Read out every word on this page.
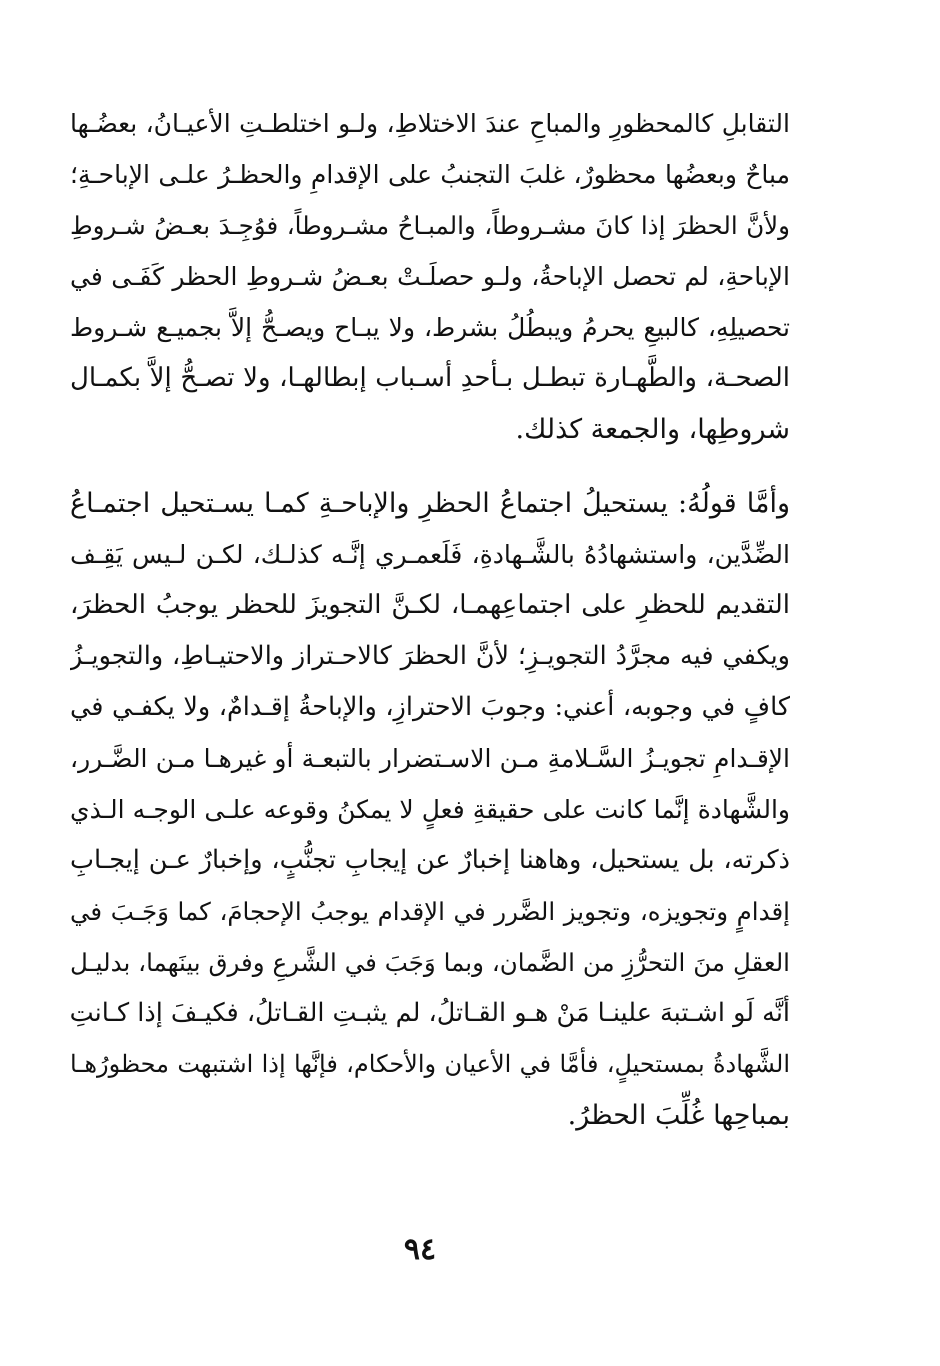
التقابلِ كالمحظورِ والمباحِ عندَ الاختلاطِ، ولـو اختلطـتِ الأعيـانُ، بعضُـها
مباحٌ وبعضُها محظورٌ، غلبَ التجنبُ على الإقدامِ والحظـرُ علـى الإباحـةِ؛
ولأنَّ الحظرَ إذا كانَ مشـروطاً، والمبـاحُ مشـروطاً، فوُجِـدَ بعـضُ شـروطِ
الإباحةِ، لم تحصل الإباحةُ، ولـو حصلَـتْ بعـضُ شـروطِ الحظر كَفَـى في
تحصيلِهِ، كالبيعِ يحرمُ ويبطُلُ بشرط، ولا يبـاح ويصـحُّ إلاَّ بجميـع شـروط
الصحـة، والطَّهـارة تبطـل بـأحدِ أسـباب إبطالهـا، ولا تصـحُّ إلاَّ بكمـال
شروطِها، والجمعة كذلك.
وأمَّا قولُهُ: يستحيلُ اجتماعُ الحظرِ والإباحـةِ كمـا يسـتحيل اجتمـاعُ
الضِّدَّين، واستشهادُهُ بالشَّـهادةِ، فَلَعمـري إنَّـه كذلـك، لكـن لـيس يَقِـف
التقديم للحظرِ على اجتماعِهمـا، لكـنَّ التجويزَ للحظر يوجبُ الحظرَ،
ويكفي فيه مجرَّدُ التجويـزِ؛ لأنَّ الحظرَ كالاحـتراز والاحتيـاطِ، والتجويـزُ
كافٍ في وجوبه، أعني: وجوبَ الاحترازِ، والإباحةُ إقـدامٌ، ولا يكفـي في
الإقـدامِ تجويـزُ السَّـلامةِ مـن الاسـتضرار بالتبعـة أو غيرهـا مـن الضَّـرر،
والشَّهادة إنَّما كانت على حقيقةِ فعلٍ لا يمكنُ وقوعه علـى الوجـه الـذي
ذكرته، بل يستحيل، وهاهنا إخبارٌ عن إيجابِ تجنُّبٍ، وإخبارٌ عـن إيجـابِ
إقدامٍ وتجويزه، وتجويز الضَّرر في الإقدام يوجبُ الإحجامَ، كما وَجَـبَ في
العقلِ منَ التحرُّزِ من الضَّمان، وبما وَجَبَ في الشَّرعِ وفرق بينَهما، بدليـل
أنَّه لَو اشـتبهَ علينـا مَنْ هـو القـاتلُ، لم يثبـتِ القـاتلُ، فكيـفَ إذا كـانتِ
الشَّهادةُ بمستحيلٍ، فأمَّا في الأعيان والأحكام، فإنَّها إذا اشتبهت محظورُهـا
بمباحِها غُلِّبَ الحظرُ.
٩٤
